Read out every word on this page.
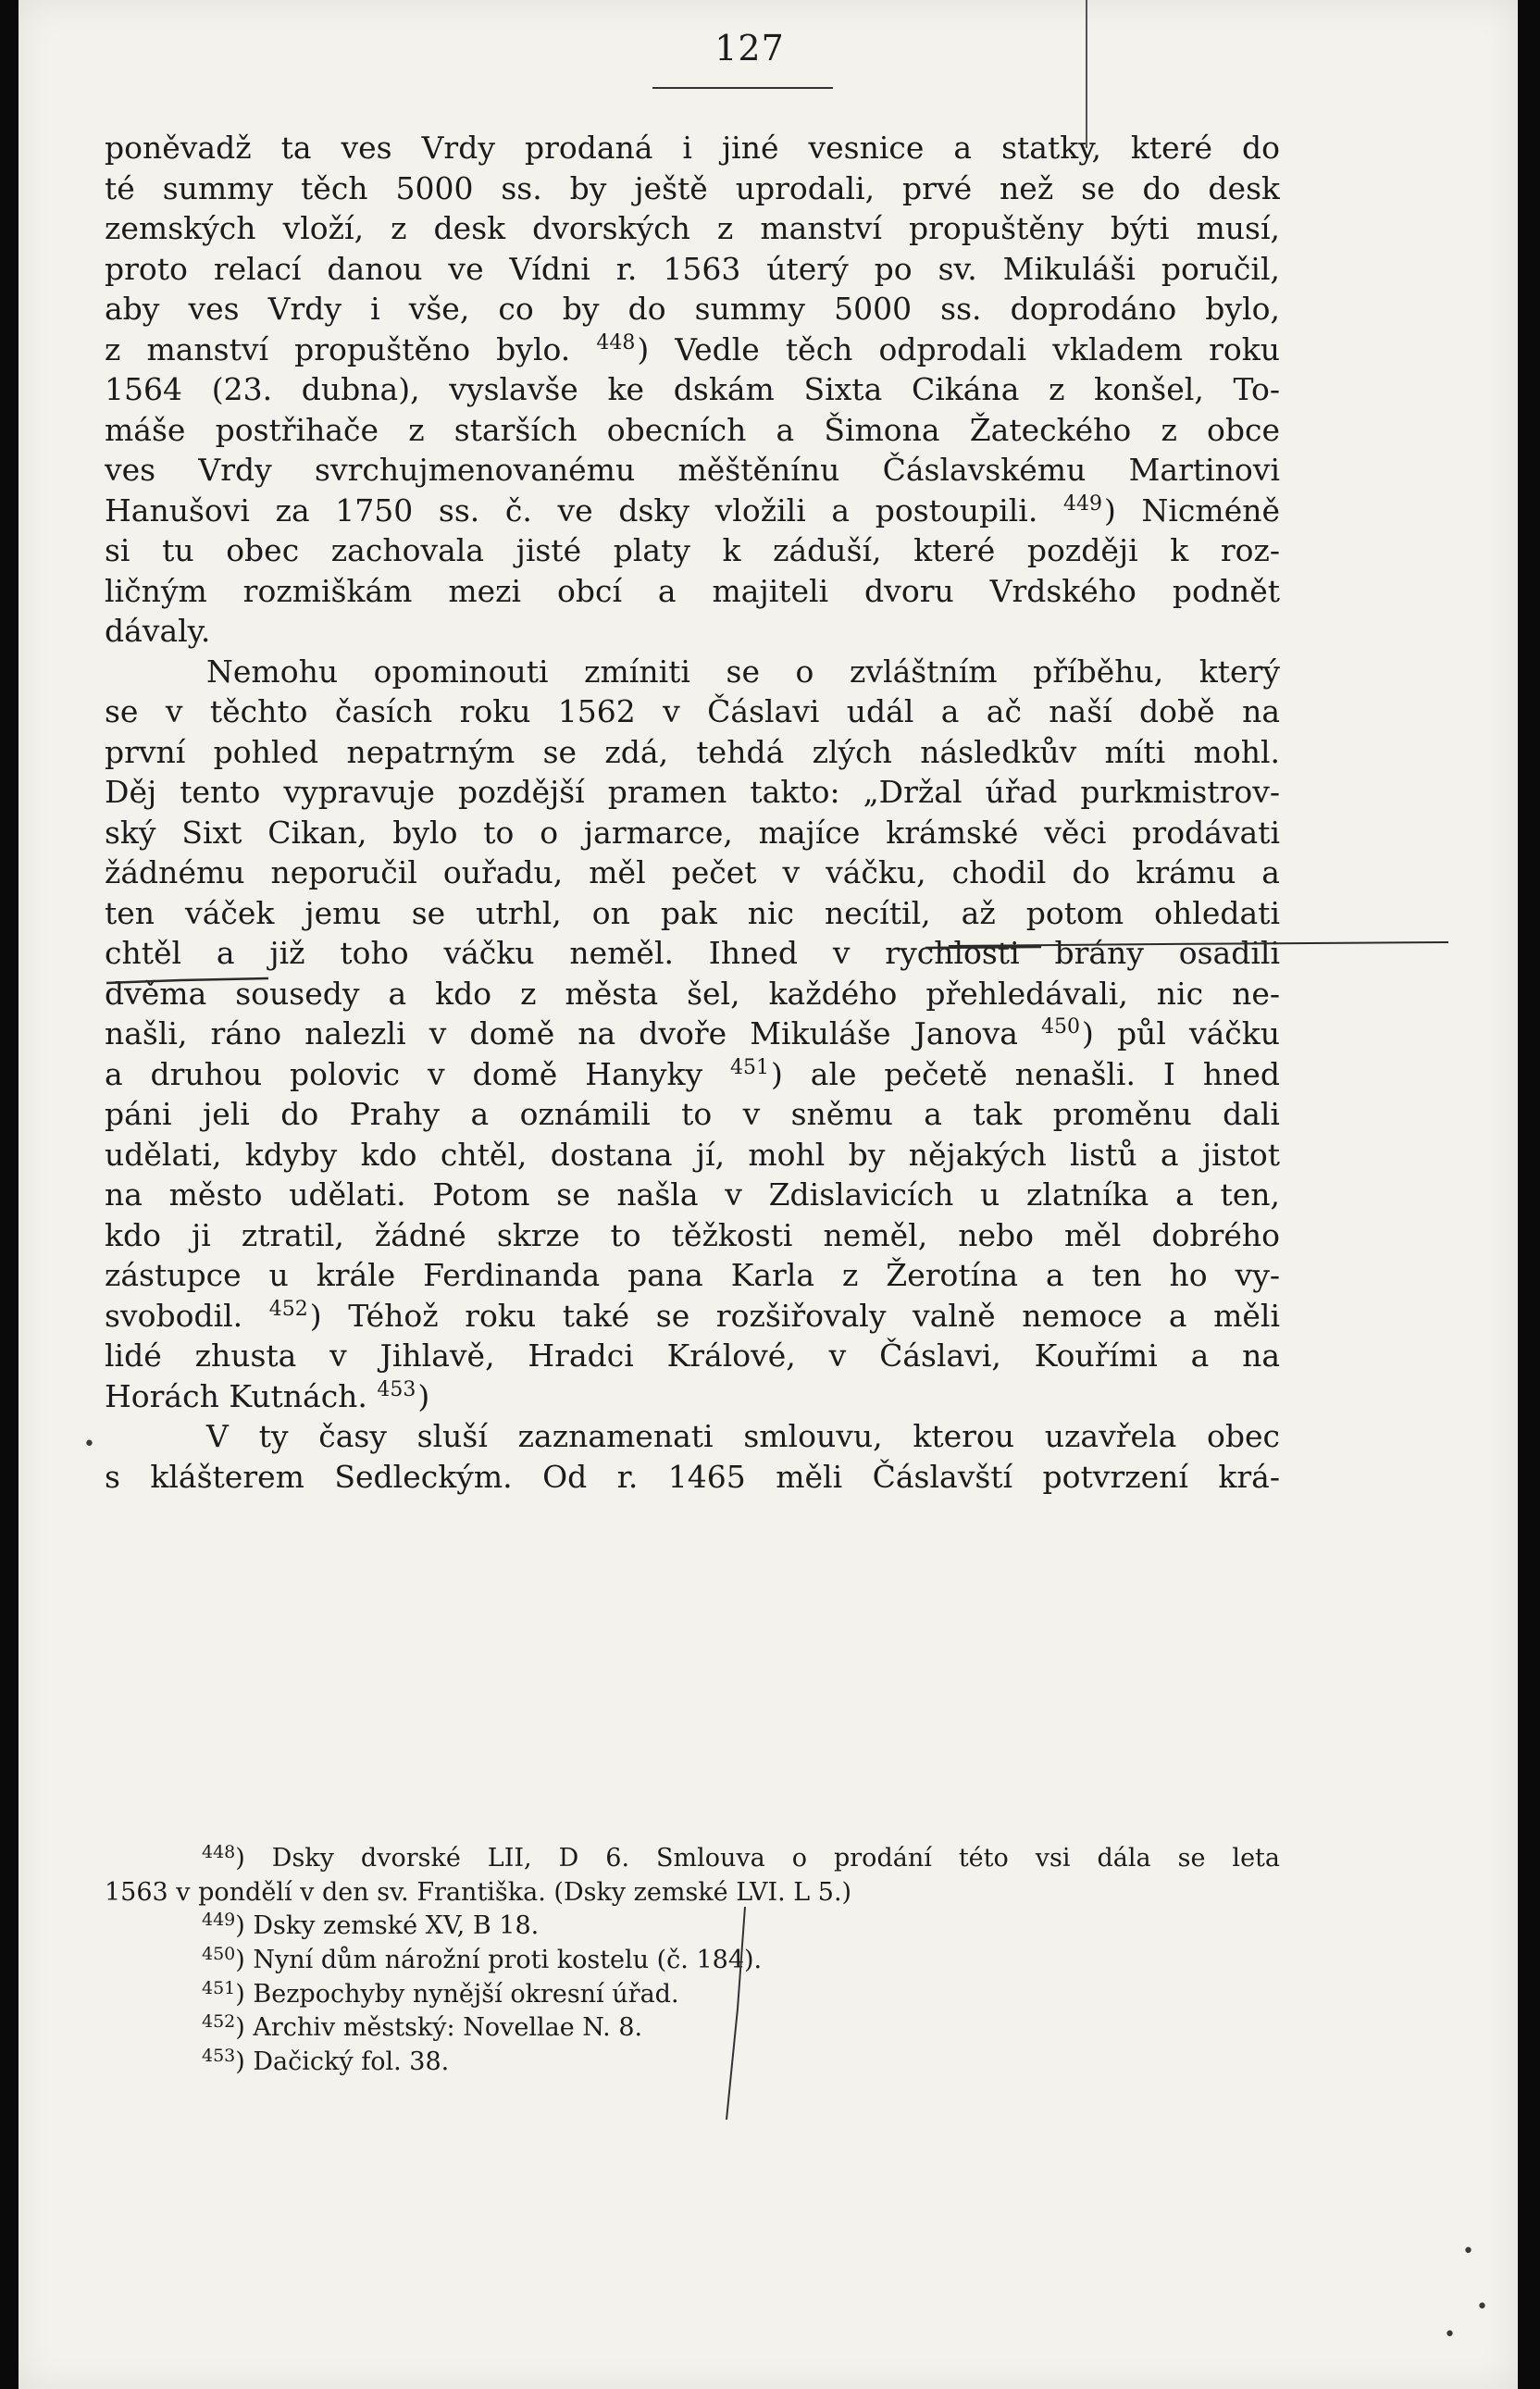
127
poněvadž ta ves Vrdy prodaná i jiné vesnice a statky, které do
té summy těch 5000 ss. by ještě uprodali, prvé než se do desk
zemských vloží, z desk dvorských z manství propuštěny býti musí,
proto relací danou ve Vídni r. 1563 úterý po sv. Mikuláši poručil,
aby ves Vrdy i vše, co by do summy 5000 ss. doprodáno bylo,
z manství propuštěno bylo. $^{448}$) Vedle těch odprodali vkladem roku
1564 (23. dubna), vyslavše ke dskám Sixta Cikána z konšel, To-
máše postřihače z starších obecních a Šimona Žateckého z obce
ves Vrdy svrchujmenovanému měštěnínu Čáslavskému Martinovi
Hanušovi za 1750 ss. č. ve dsky vložili a postoupili. $^{449}$) Nicméně
si tu obec zachovala jisté platy k záduší, které později k roz-
ličným rozmiškám mezi obcí a majiteli dvoru Vrdského podnět
dávaly.
Nemohu opominouti zmíniti se o zvláštním příběhu, který
se v těchto časích roku 1562 v Čáslavi udál a ač naší době na
první pohled nepatrným se zdá, tehdá zlých následkův míti mohl.
Děj tento vypravuje pozdější pramen takto: „Držal úřad purkmistrov-
ský Sixt Cikan, bylo to o jarmarce, majíce krámské věci prodávati
žádnému neporučil ouřadu, měl pečet v váčku, chodil do krámu a
ten váček jemu se utrhl, on pak nic necítil, až potom ohledati
chtěl a již toho váčku neměl. Ihned v rychlosti brány osadili
dvěma sousedy a kdo z města šel, každého přehledávali, nic ne-
našli, ráno nalezli v domě na dvoře Mikuláše Janova $^{450}$) půl váčku
a druhou polovic v domě Hanyky $^{451}$) ale pečetě nenašli. I hned
páni jeli do Prahy a oznámili to v sněmu a tak proměnu dali
udělati, kdyby kdo chtěl, dostana jí, mohl by nějakých listů a jistot
na město udělati. Potom se našla v Zdislavicích u zlatníka a ten,
kdo ji ztratil, žádné skrze to těžkosti neměl, nebo měl dobrého
zástupce u krále Ferdinanda pana Karla z Žerotína a ten ho vy-
svobodil. $^{452}$) Téhož roku také se rozšiřovaly valně nemoce a měli
lidé zhusta v Jihlavě, Hradci Králové, v Čáslavi, Kouřími a na
Horách Kutnách. $^{453}$)
V ty časy sluší zaznamenati smlouvu, kterou uzavřela obec
s klášterem Sedleckým. Od r. 1465 měli Čáslavští potvrzení krá-
$^{448}$) Dsky dvorské LII, D 6. Smlouva o prodání této vsi dála se leta
1563 v pondělí v den sv. Františka. (Dsky zemské LVI. L 5.)
$^{449}$) Dsky zemské XV, B 18.
$^{450}$) Nyní dům nárožní proti kostelu (č. 184).
$^{451}$) Bezpochyby nynější okresní úřad.
$^{452}$) Archiv městský: Novellae N. 8.
$^{453}$) Dačický fol. 38.
•
•
•
•
